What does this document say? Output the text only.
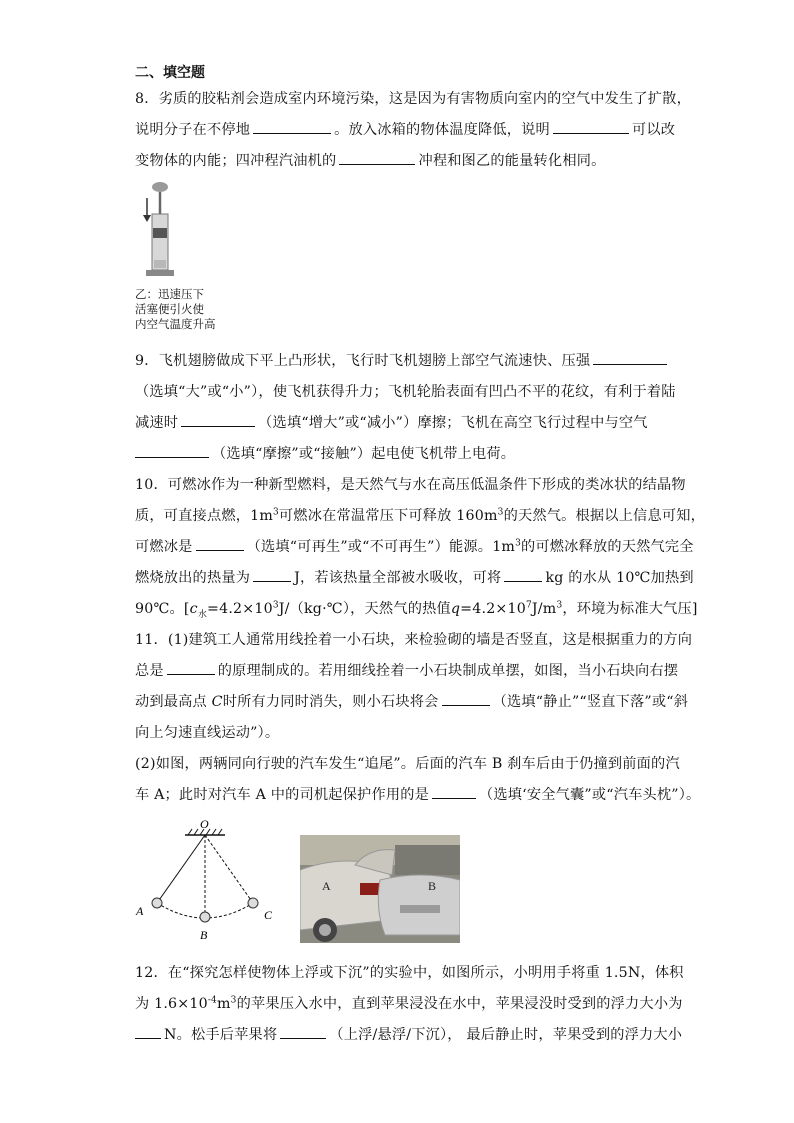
二、填空题
8．劣质的胶粘剂会造成室内环境污染，这是因为有害物质向室内的空气中发生了扩散，
说明分子在不停地	。放入冰箱的物体温度降低，说明	可以改
变物体的内能；四冲程汽油机的	冲程和图乙的能量转化相同。
乙：迅速压下
活塞便引火使
内空气温度升高
9．飞机翅膀做成下平上凸形状，飞行时飞机翅膀上部空气流速快、压强
（选填“大”或“小”），使飞机获得升力；飞机轮胎表面有凹凸不平的花纹，有利于着陆
减速时	（选填“增大”或“减小”）摩擦；飞机在高空飞行过程中与空气
（选填“摩擦”或“接触”）起电使飞机带上电荷。
10．可燃冰作为一种新型燃料，是天然气与水在高压低温条件下形成的类冰状的结晶物
质，可直接点燃，$1m^3$可燃冰在常温常压下可释放 $160m^3$的天然气。根据以上信息可知，
可燃冰是	（选填“可再生”或“不可再生”）能源。$1m^3$的可燃冰释放的天然气完全
燃烧放出的热量为	J，若该热量全部被水吸收，可将	kg 的水从 10℃加热到
90℃。[$c_水=4.2\times 10^3J/(kg\cdot℃)$，天然气的热值$q=4.2\times 10^7J/m^3$，环境为标准大气压]
11．(1)建筑工人通常用线拴着一小石块，来检验砌的墙是否竖直，这是根据重力的方向
总是	的原理制成的。若用细线拴着一小石块制成单摆，如图，当小石块向右摆
动到最高点 C时所有力同时消失，则小石块将会	（选填“静止”“竖直下落”或“斜
向上匀速直线运动”）。
(2)如图，两辆同向行驶的汽车发生“追尾”。后面的汽车 B 刹车后由于仍撞到前面的汽
车 A；此时对汽车 A 中的司机起保护作用的是	（选填‘安全气囊”或“汽车头枕”）。
O
A
B
C
A	B
12．在“探究怎样使物体上浮或下沉”的实验中，如图所示，小明用手将重 1.5N，体积
为 $1.6\times 10^{-4}m^3$的苹果压入水中，直到苹果浸没在水中，苹果浸没时受到的浮力大小为
N。松手后苹果将	（上浮/悬浮/下沉）， 最后静止时，苹果受到的浮力大小
